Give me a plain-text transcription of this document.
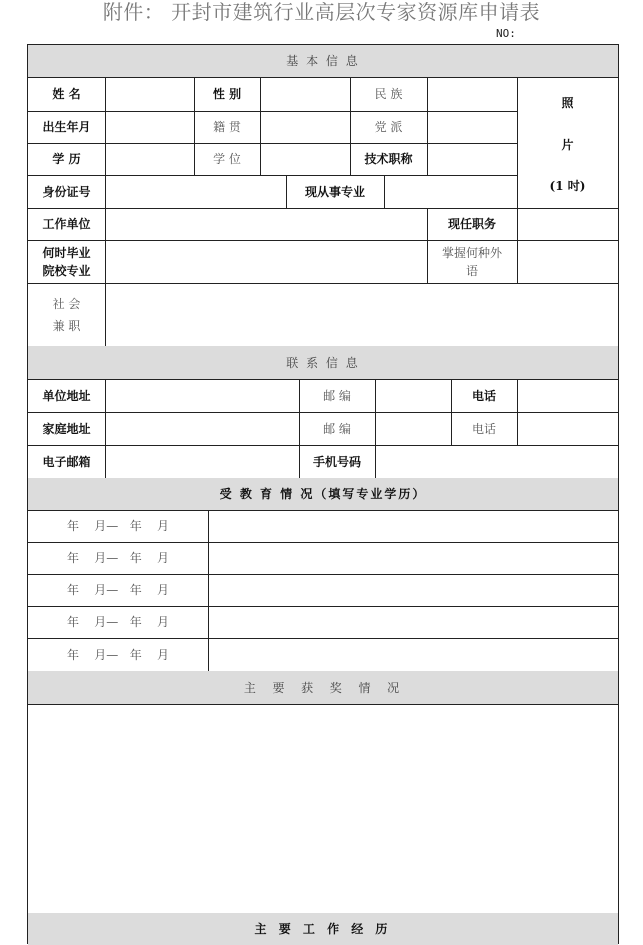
附件： 开封市建筑行业高层次专家资源库申请表
NO:
基 本 信 息
姓 名	性 别	民 族
出生年月	籍 贯	党 派
学 历	学 位	技术职称
照
片
(1 吋)
身份证号	现从事专业
工作单位	现任职务
何时毕业
院校专业
掌握何种外
语
社 会
兼 职
联 系 信 息
单位地址	邮 编	电话
家庭地址	邮 编	电话
电子邮箱	手机号码
受 教 育 情 况（填写专业学历）
年    月—   年    月
年    月—   年    月
年    月—   年    月
年    月—   年    月
年    月—   年    月
主  要  获  奖  情  况
主 要 工 作 经 历
